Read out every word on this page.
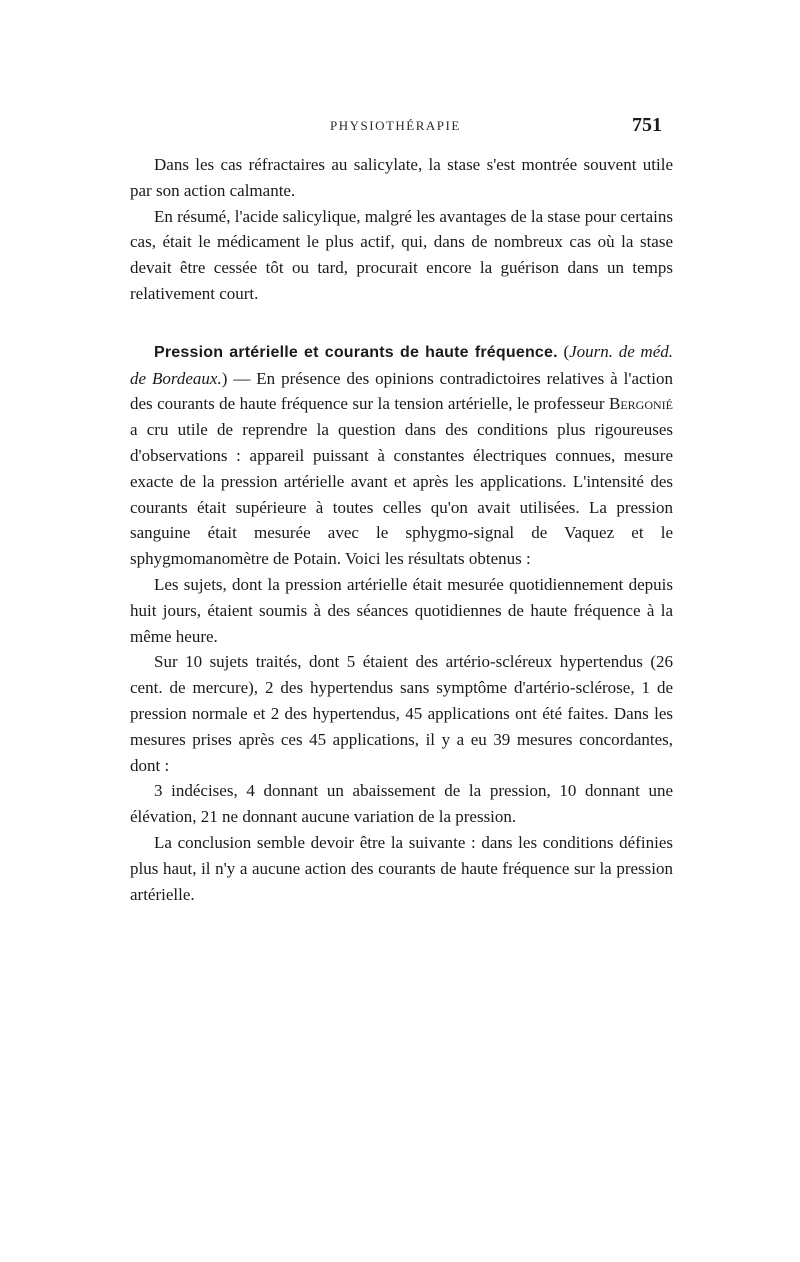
PHYSIOTHÉRAPIE	751

Dans les cas réfractaires au salicylate, la stase s'est montrée souvent utile par son action calmante.

En résumé, l'acide salicylique, malgré les avantages de la stase pour certains cas, était le médicament le plus actif, qui, dans de nombreux cas où la stase devait être cessée tôt ou tard, procurait encore la guérison dans un temps relativement court.

Pression artérielle et courants de haute fréquence. (Journ. de méd. de Bordeaux.) — En présence des opinions contradictoires relatives à l'action des courants de haute fréquence sur la tension artérielle, le professeur Bergonié a cru utile de reprendre la question dans des conditions plus rigoureuses d'observations : appareil puissant à constantes électriques connues, mesure exacte de la pression artérielle avant et après les applications. L'intensité des courants était supérieure à toutes celles qu'on avait utilisées. La pression sanguine était mesurée avec le sphygmo-signal de Vaquez et le sphygmomanomètre de Potain. Voici les résultats obtenus :

Les sujets, dont la pression artérielle était mesurée quotidiennement depuis huit jours, étaient soumis à des séances quotidiennes de haute fréquence à la même heure.

Sur 10 sujets traités, dont 5 étaient des artério-scléreux hypertendus (26 cent. de mercure), 2 des hypertendus sans symptôme d'artério-sclérose, 1 de pression normale et 2 des hypertendus, 45 applications ont été faites. Dans les mesures prises après ces 45 applications, il y a eu 39 mesures concordantes, dont :

3 indécises, 4 donnant un abaissement de la pression, 10 donnant une élévation, 21 ne donnant aucune variation de la pression.

La conclusion semble devoir être la suivante : dans les conditions définies plus haut, il n'y a aucune action des courants de haute fréquence sur la pression artérielle.
